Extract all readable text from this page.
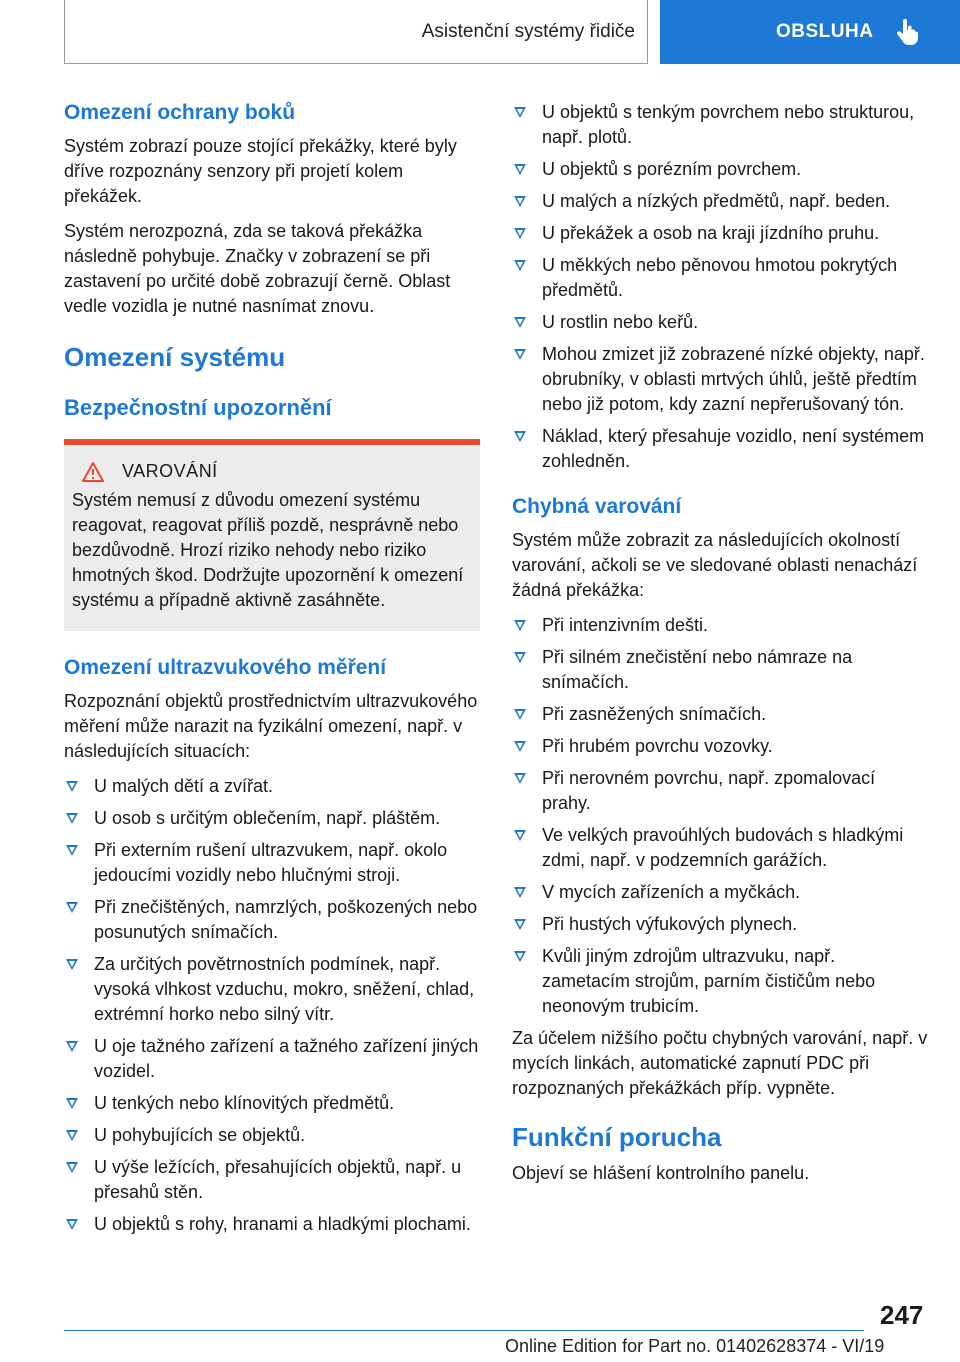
Asistenční systémy řidiče	OBSLUHA
Omezení ochrany boků

Systém zobrazí pouze stojící překážky, které byly dříve rozpoznány senzory při projetí kolem překážek.

Systém nerozpozná, zda se taková překážka následně pohybuje. Značky v zobrazení se při zastavení po určité době zobrazují černě. Oblast vedle vozidla je nutné nasnímat znovu.

Omezení systému
Bezpečnostní upozornění
VAROVÁNÍ

Systém nemusí z důvodu omezení systému reagovat, reagovat příliš pozdě, nesprávně nebo bezdůvodně. Hrozí riziko nehody nebo riziko hmotných škod. Dodržujte upozornění k omezení systému a případně aktivně zasáhněte.

Omezení ultrazvukového měření

Rozpoznání objektů prostřednictvím ultrazvukového měření může narazit na fyzikální omezení, např. v následujících situacích:

U malých dětí a zvířat.
U osob s určitým oblečením, např. pláštěm.
Při externím rušení ultrazvukem, např. okolo jedoucími vozidly nebo hlučnými stroji.
Při znečištěných, namrzlých, poškozených nebo posunutých snímačích.
Za určitých povětrnostních podmínek, např. vysoká vlhkost vzduchu, mokro, sněžení, chlad, extrémní horko nebo silný vítr.
U oje tažného zařízení a tažného zařízení jiných vozidel.
U tenkých nebo klínovitých předmětů.
U pohybujících se objektů.
U výše ležících, přesahujících objektů, např. u přesahů stěn.
U objektů s rohy, hranami a hladkými plochami.
U objektů s tenkým povrchem nebo strukturou, např. plotů.
U objektů s porézním povrchem.
U malých a nízkých předmětů, např. beden.
U překážek a osob na kraji jízdního pruhu.
U měkkých nebo pěnovou hmotou pokrytých předmětů.
U rostlin nebo keřů.
Mohou zmizet již zobrazené nízké objekty, např. obrubníky, v oblasti mrtvých úhlů, ještě předtím nebo již potom, kdy zazní nepřerušovaný tón.
Náklad, který přesahuje vozidlo, není systémem zohledněn.
Chybná varování

Systém může zobrazit za následujících okolností varování, ačkoli se ve sledované oblasti nenachází žádná překážka:

Při intenzivním dešti.
Při silném znečistění nebo námraze na snímačích.
Při zasněžených snímačích.
Při hrubém povrchu vozovky.
Při nerovném povrchu, např. zpomalovací prahy.
Ve velkých pravoúhlých budovách s hladkými zdmi, např. v podzemních garážích.
V mycích zařízeních a myčkách.
Při hustých výfukových plynech.
Kvůli jiným zdrojům ultrazvuku, např. zametacím strojům, parním čističům nebo neonovým trubicím.

Za účelem nižšího počtu chybných varování, např. v mycích linkách, automatické zapnutí PDC při rozpoznaných překážkách příp. vypněte.

Funkční porucha

Objeví se hlášení kontrolního panelu.

247
Online Edition for Part no. 01402628374 - VI/19
